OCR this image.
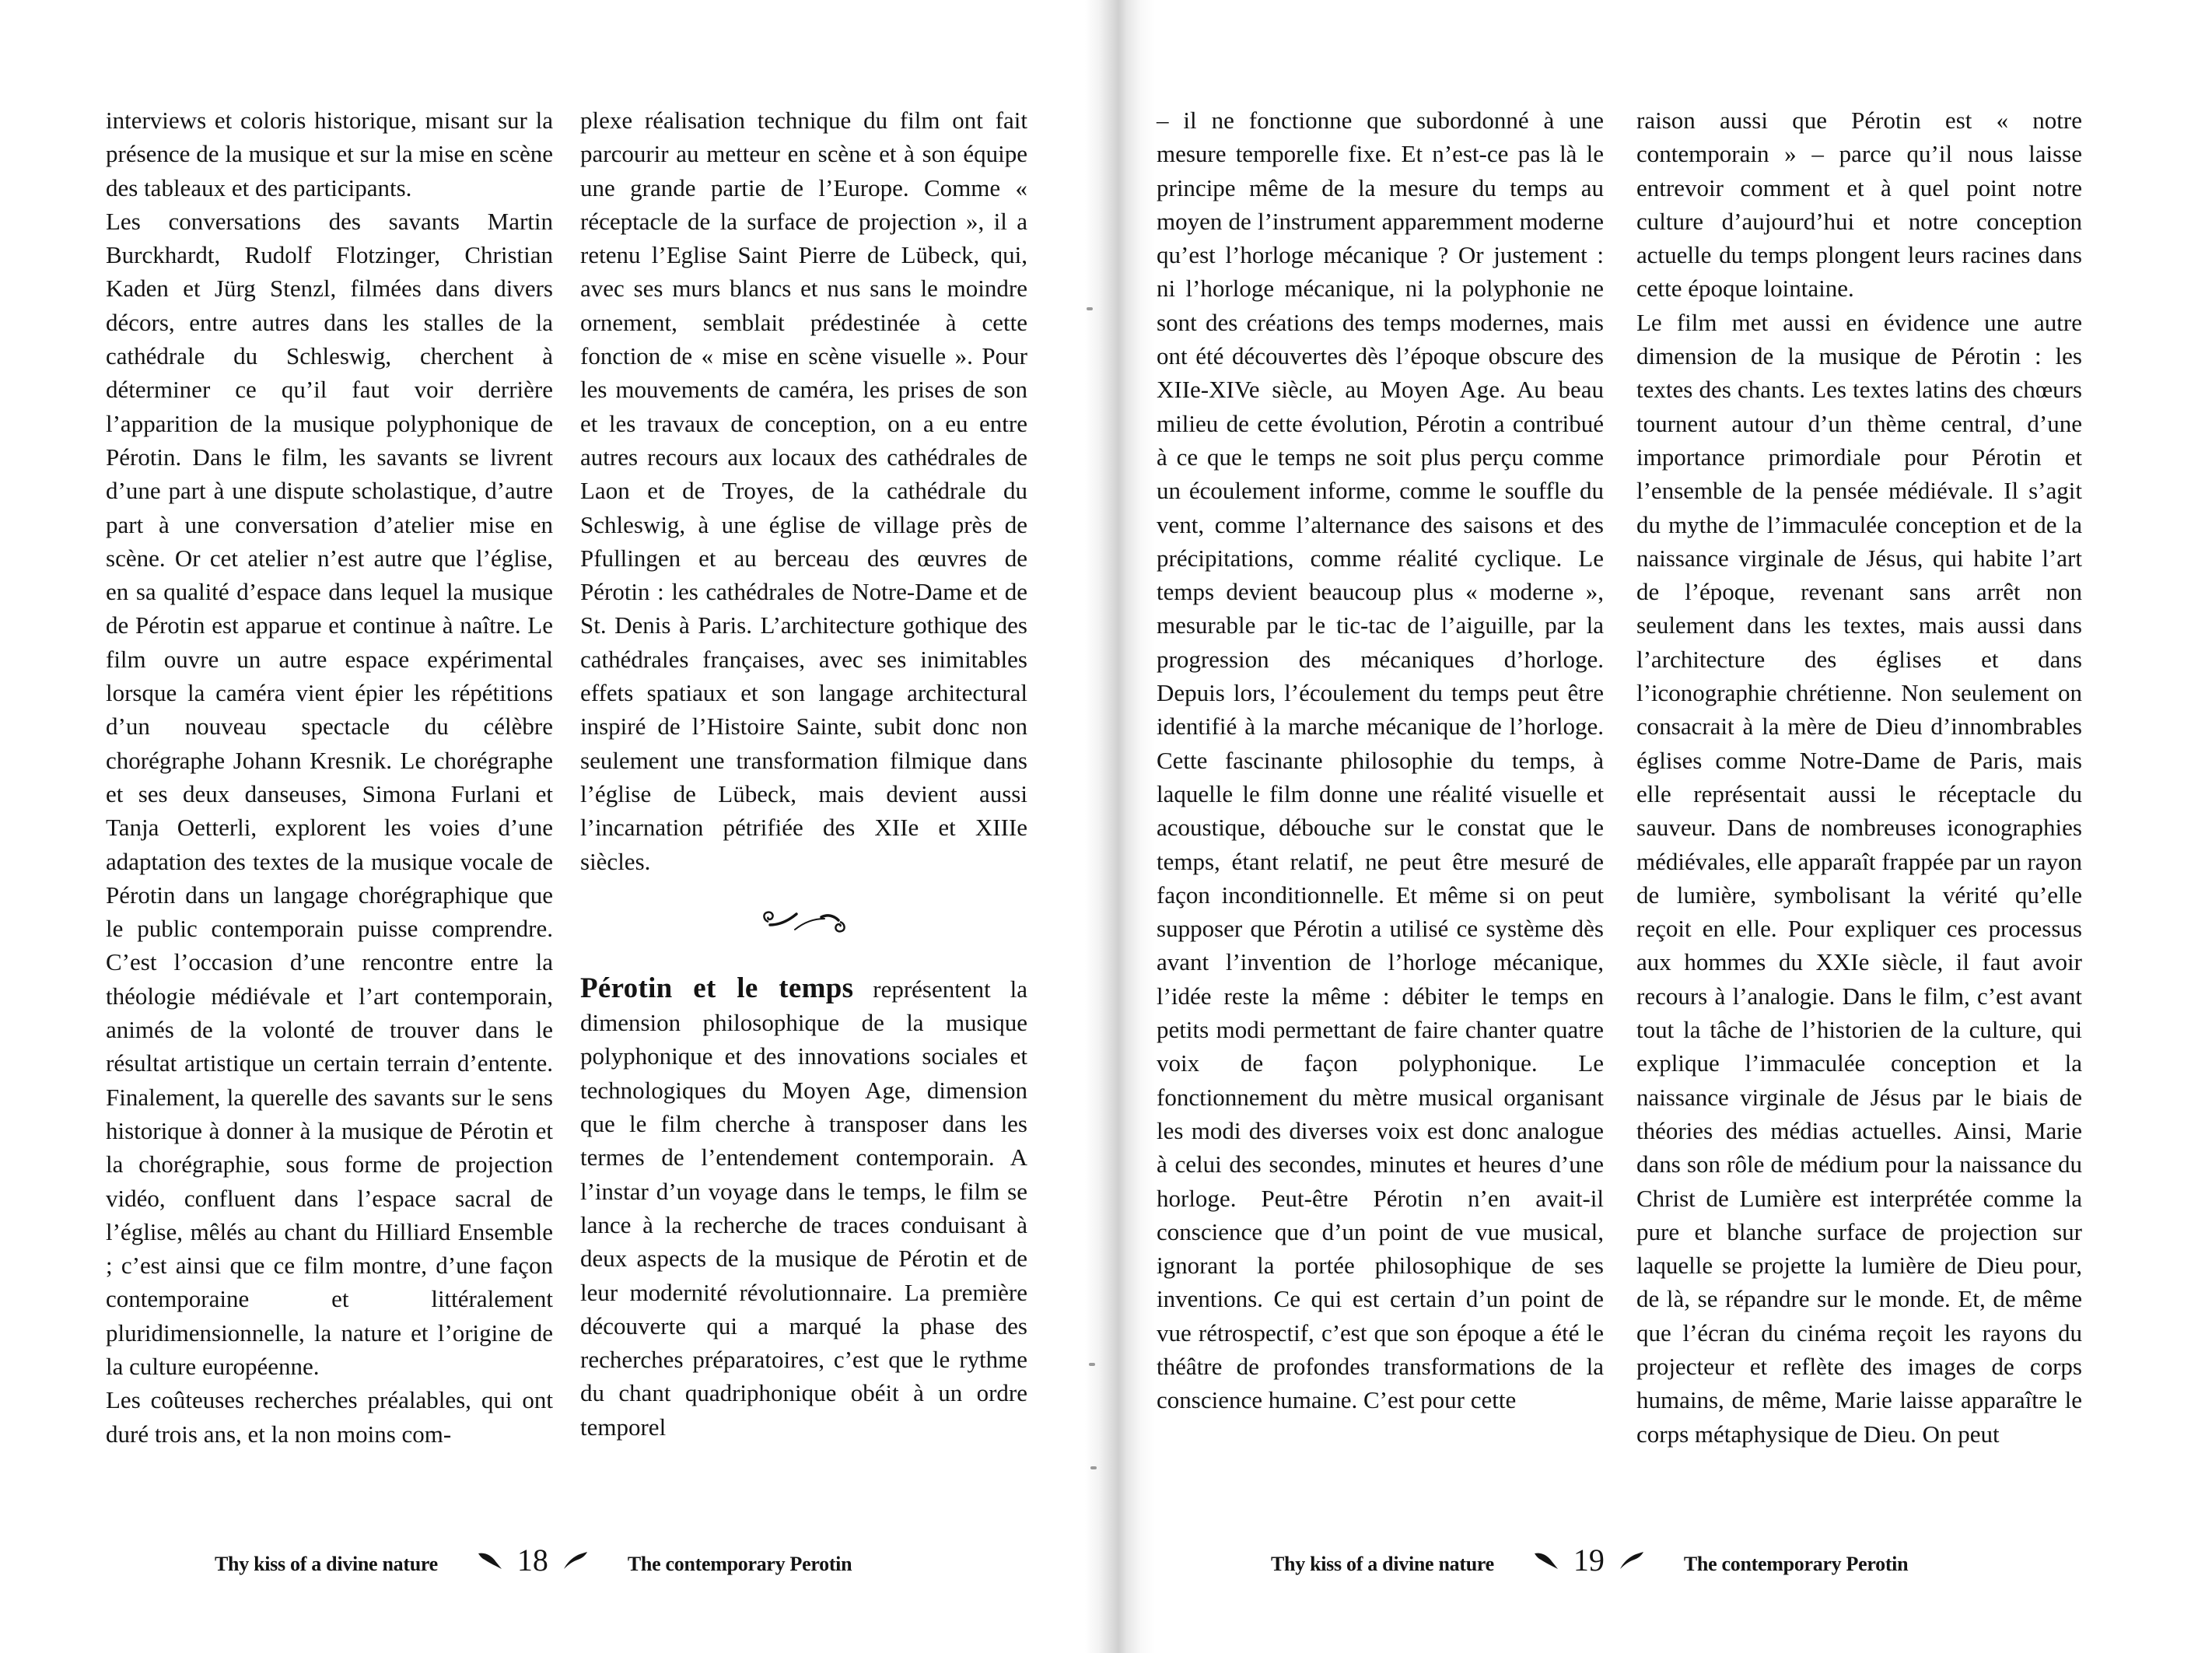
interviews et coloris historique, misant sur la présence de la musique et sur la mise en scène des tableaux et des participants.

Les conversations des savants Martin Burckhardt, Rudolf Flotzinger, Christian Kaden et Jürg Stenzl, filmées dans divers décors, entre autres dans les stalles de la cathédrale du Schleswig, cherchent à déterminer ce qu’il faut voir derrière l’apparition de la musique polyphonique de Pérotin. Dans le film, les savants se livrent d’une part à une dispute scholastique, d’autre part à une conversation d’atelier mise en scène. Or cet atelier n’est autre que l’église, en sa qualité d’espace dans lequel la musique de Pérotin est apparue et continue à naître. Le film ouvre un autre espace expérimental lorsque la caméra vient épier les répétitions d’un nouveau spectacle du célèbre chorégraphe Johann Kresnik. Le chorégraphe et ses deux danseuses, Simona Furlani et Tanja Oetterli, explorent les voies d’une adaptation des textes de la musique vocale de Pérotin dans un langage chorégraphique que le public contemporain puisse comprendre. C’est l’occasion d’une rencontre entre la théologie médiévale et l’art contemporain, animés de la volonté de trouver dans le résultat artistique un certain terrain d’entente. Finalement, la querelle des savants sur le sens historique à donner à la musique de Pérotin et la chorégraphie, sous forme de projection vidéo, confluent dans l’espace sacral de l’église, mêlés au chant du Hilliard Ensemble ; c’est ainsi que ce film montre, d’une façon contemporaine et littéralement pluridimensionnelle, la nature et l’origine de la culture européenne.

Les coûteuses recherches préalables, qui ont duré trois ans, et la non moins com-

plexe réalisation technique du film ont fait parcourir au metteur en scène et à son équipe une grande partie de l’Europe. Comme « réceptacle de la surface de projection », il a retenu l’Eglise Saint Pierre de Lübeck, qui, avec ses murs blancs et nus sans le moindre ornement, semblait prédestinée à cette fonction de « mise en scène visuelle ». Pour les mouvements de caméra, les prises de son et les travaux de conception, on a eu entre autres recours aux locaux des cathédrales de Laon et de Troyes, de la cathédrale du Schleswig, à une église de village près de Pfullingen et au berceau des œuvres de Pérotin : les cathédrales de Notre-Dame et de St. Denis à Paris. L’architecture gothique des cathédrales françaises, avec ses inimitables effets spatiaux et son langage architectural inspiré de l’Histoire Sainte, subit donc non seulement une transformation filmique dans l’église de Lübeck, mais devient aussi l’incarnation pétrifiée des XIIe et XIIIe siècles.

Pérotin et le temps représentent la dimension philosophique de la musique polyphonique et des innovations sociales et technologiques du Moyen Age, dimension que le film cherche à transposer dans les termes de l’entendement contemporain. A l’instar d’un voyage dans le temps, le film se lance à la recherche de traces conduisant à deux aspects de la musique de Pérotin et de leur modernité révolutionnaire. La première découverte qui a marqué la phase des recherches préparatoires, c’est que le rythme du chant quadriphonique obéit à un ordre temporel

Thy kiss of a divine nature	18	The contemporary Perotin

– il ne fonctionne que subordonné à une mesure temporelle fixe. Et n’est-ce pas là le principe même de la mesure du temps au moyen de l’instrument apparemment moderne qu’est l’horloge mécanique ? Or justement : ni l’horloge mécanique, ni la polyphonie ne sont des créations des temps modernes, mais ont été découvertes dès l’époque obscure des XIIe-XIVe siècle, au Moyen Age. Au beau milieu de cette évolution, Pérotin a contribué à ce que le temps ne soit plus perçu comme un écoulement informe, comme le souffle du vent, comme l’alternance des saisons et des précipitations, comme réalité cyclique. Le temps devient beaucoup plus « moderne », mesurable par le tic-tac de l’aiguille, par la progression des mécaniques d’horloge. Depuis lors, l’écoulement du temps peut être identifié à la marche mécanique de l’horloge. Cette fascinante philosophie du temps, à laquelle le film donne une réalité visuelle et acoustique, débouche sur le constat que le temps, étant relatif, ne peut être mesuré de façon inconditionnelle. Et même si on peut supposer que Pérotin a utilisé ce système dès avant l’invention de l’horloge mécanique, l’idée reste la même : débiter le temps en petits modi permettant de faire chanter quatre voix de façon polyphonique. Le fonctionnement du mètre musical organisant les modi des diverses voix est donc analogue à celui des secondes, minutes et heures d’une horloge. Peut-être Pérotin n’en avait-il conscience que d’un point de vue musical, ignorant la portée philosophique de ses inventions. Ce qui est certain d’un point de vue rétrospectif, c’est que son époque a été le théâtre de profondes transformations de la conscience humaine. C’est pour cette

raison aussi que Pérotin est « notre contemporain » – parce qu’il nous laisse entrevoir comment et à quel point notre culture d’aujourd’hui et notre conception actuelle du temps plongent leurs racines dans cette époque lointaine.

Le film met aussi en évidence une autre dimension de la musique de Pérotin : les textes des chants. Les textes latins des chœurs tournent autour d’un thème central, d’une importance primordiale pour Pérotin et l’ensemble de la pensée médiévale. Il s’agit du mythe de l’immaculée conception et de la naissance virginale de Jésus, qui habite l’art de l’époque, revenant sans arrêt non seulement dans les textes, mais aussi dans l’architecture des églises et dans l’iconographie chrétienne. Non seulement on consacrait à la mère de Dieu d’innombrables églises comme Notre-Dame de Paris, mais elle représentait aussi le réceptacle du sauveur. Dans de nombreuses iconographies médiévales, elle apparaît frappée par un rayon de lumière, symbolisant la vérité qu’elle reçoit en elle. Pour expliquer ces processus aux hommes du XXIe siècle, il faut avoir recours à l’analogie. Dans le film, c’est avant tout la tâche de l’historien de la culture, qui explique l’immaculée conception et la naissance virginale de Jésus par le biais de théories des médias actuelles. Ainsi, Marie dans son rôle de médium pour la naissance du Christ de Lumière est interprétée comme la pure et blanche surface de projection sur laquelle se projette la lumière de Dieu pour, de là, se répandre sur le monde. Et, de même que l’écran du cinéma reçoit les rayons du projecteur et reflète des images de corps humains, de même, Marie laisse apparaître le corps métaphysique de Dieu. On peut

Thy kiss of a divine nature	19	The contemporary Perotin
